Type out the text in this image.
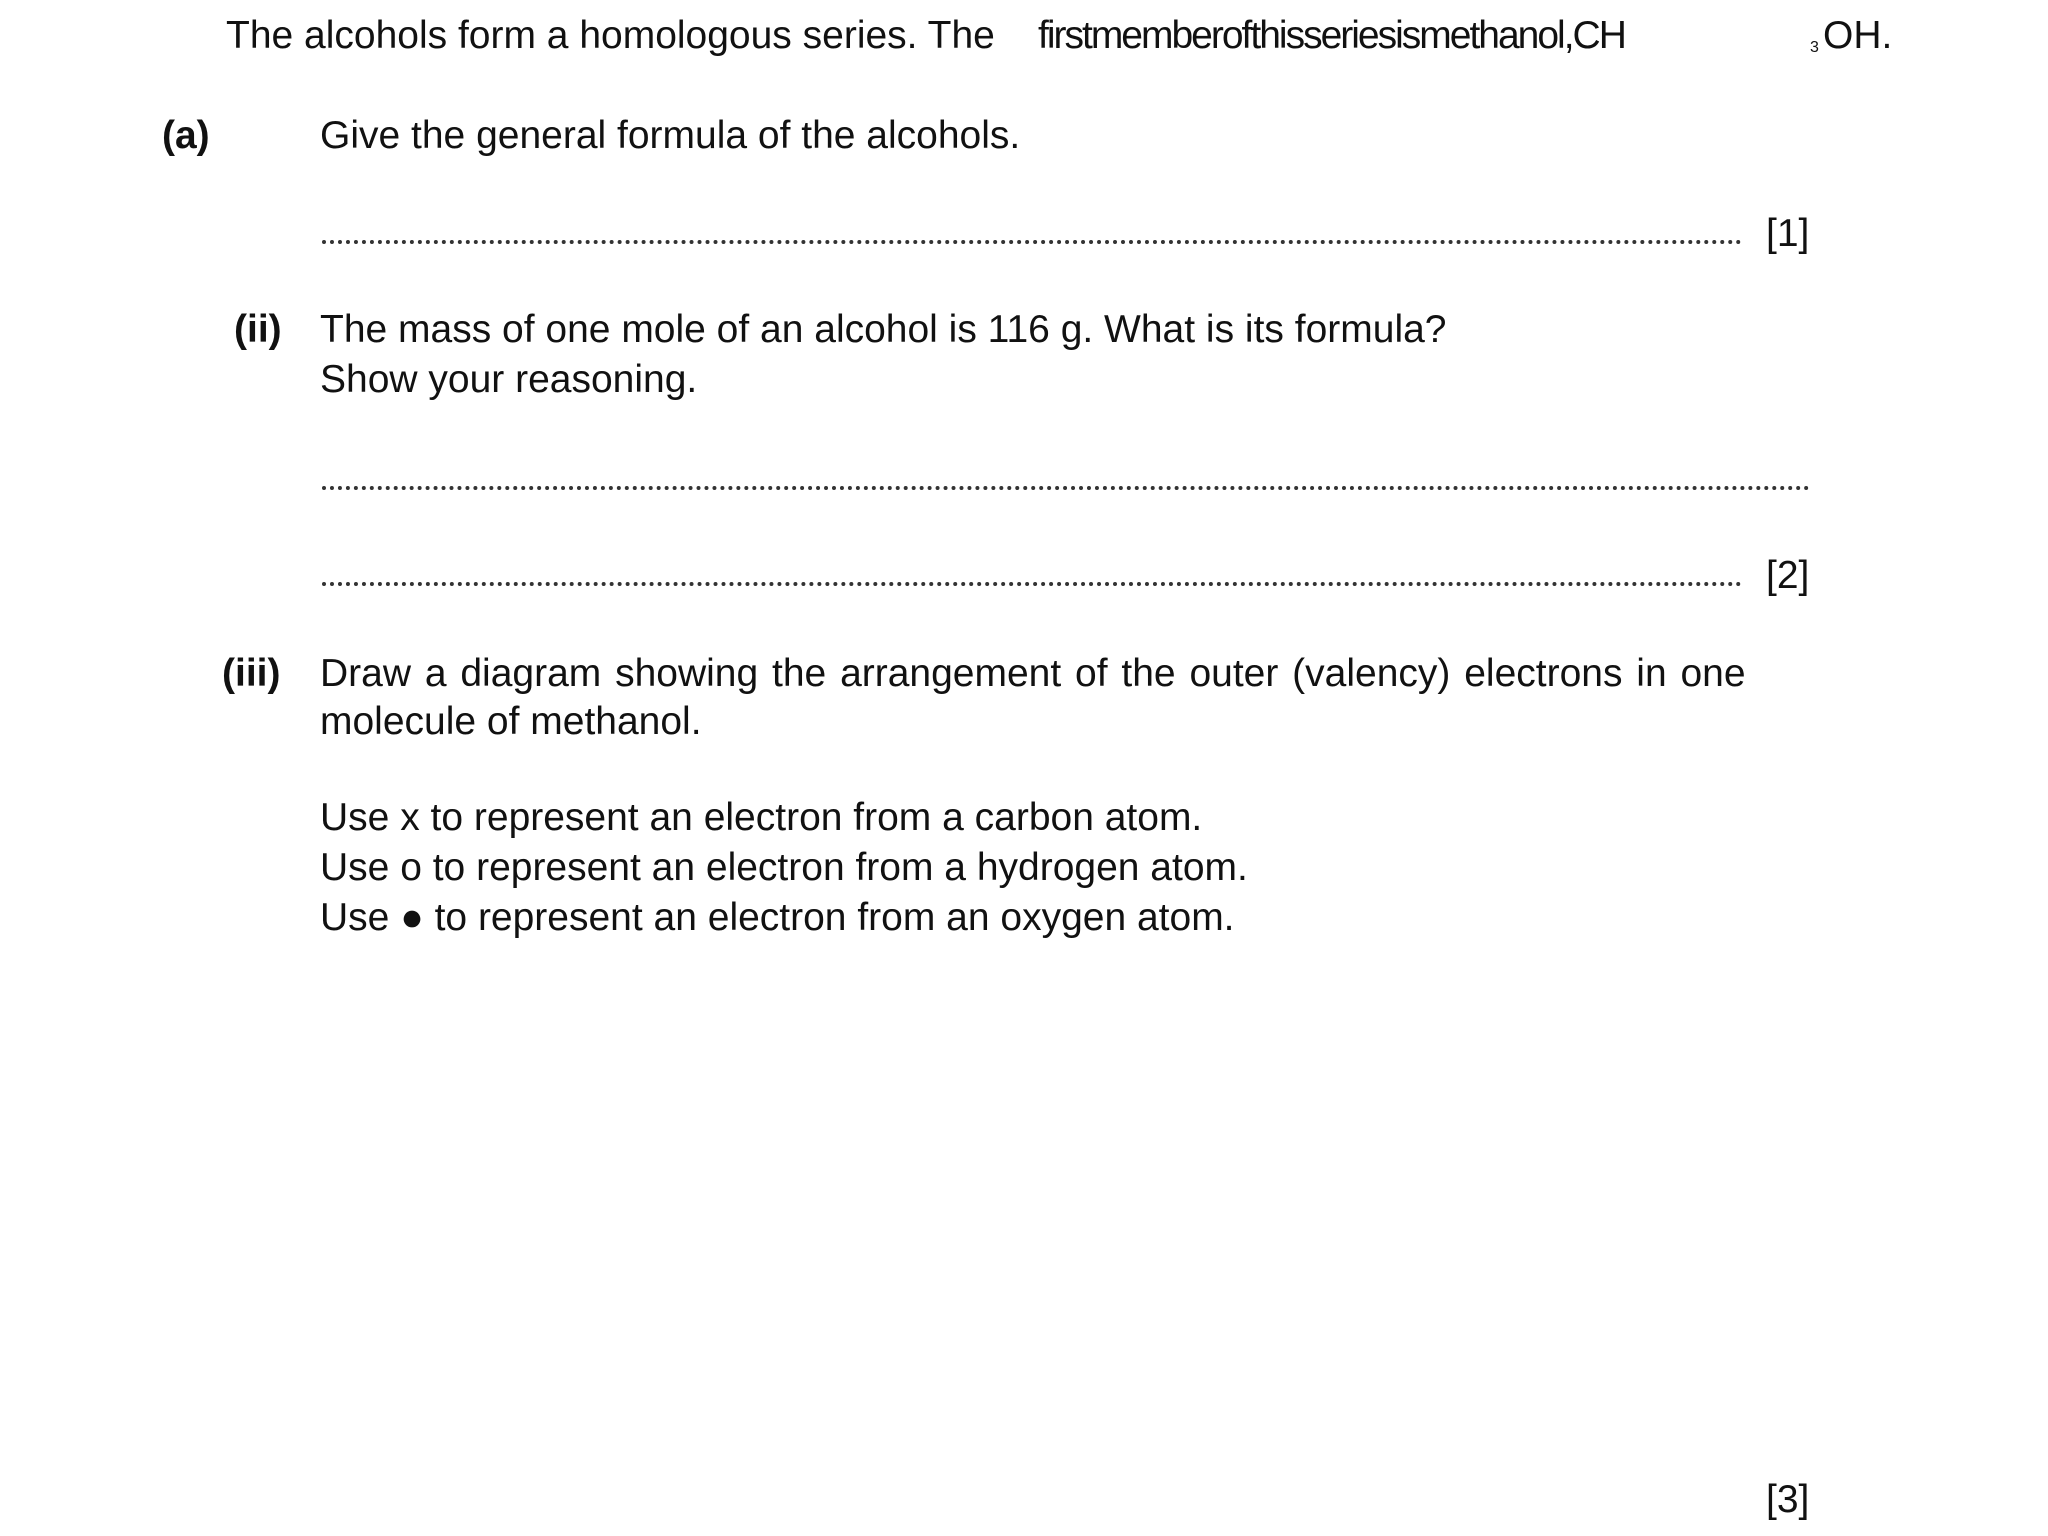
The alcohols form a homologous series. The firstmemberofthisseriesismethanol,CH	3 OH.
(a)	Give the general formula of the alcohols.
[1]
(ii) The mass of one mole of an alcohol is 116 g. What is its formula?
Show your reasoning.
[2]
(iii) Draw a diagram showing the arrangement of the outer (valency) electrons in one
molecule of methanol.
Use x to represent an electron from a carbon atom.
Use o to represent an electron from a hydrogen atom.
Use ● to represent an electron from an oxygen atom.
[3]
